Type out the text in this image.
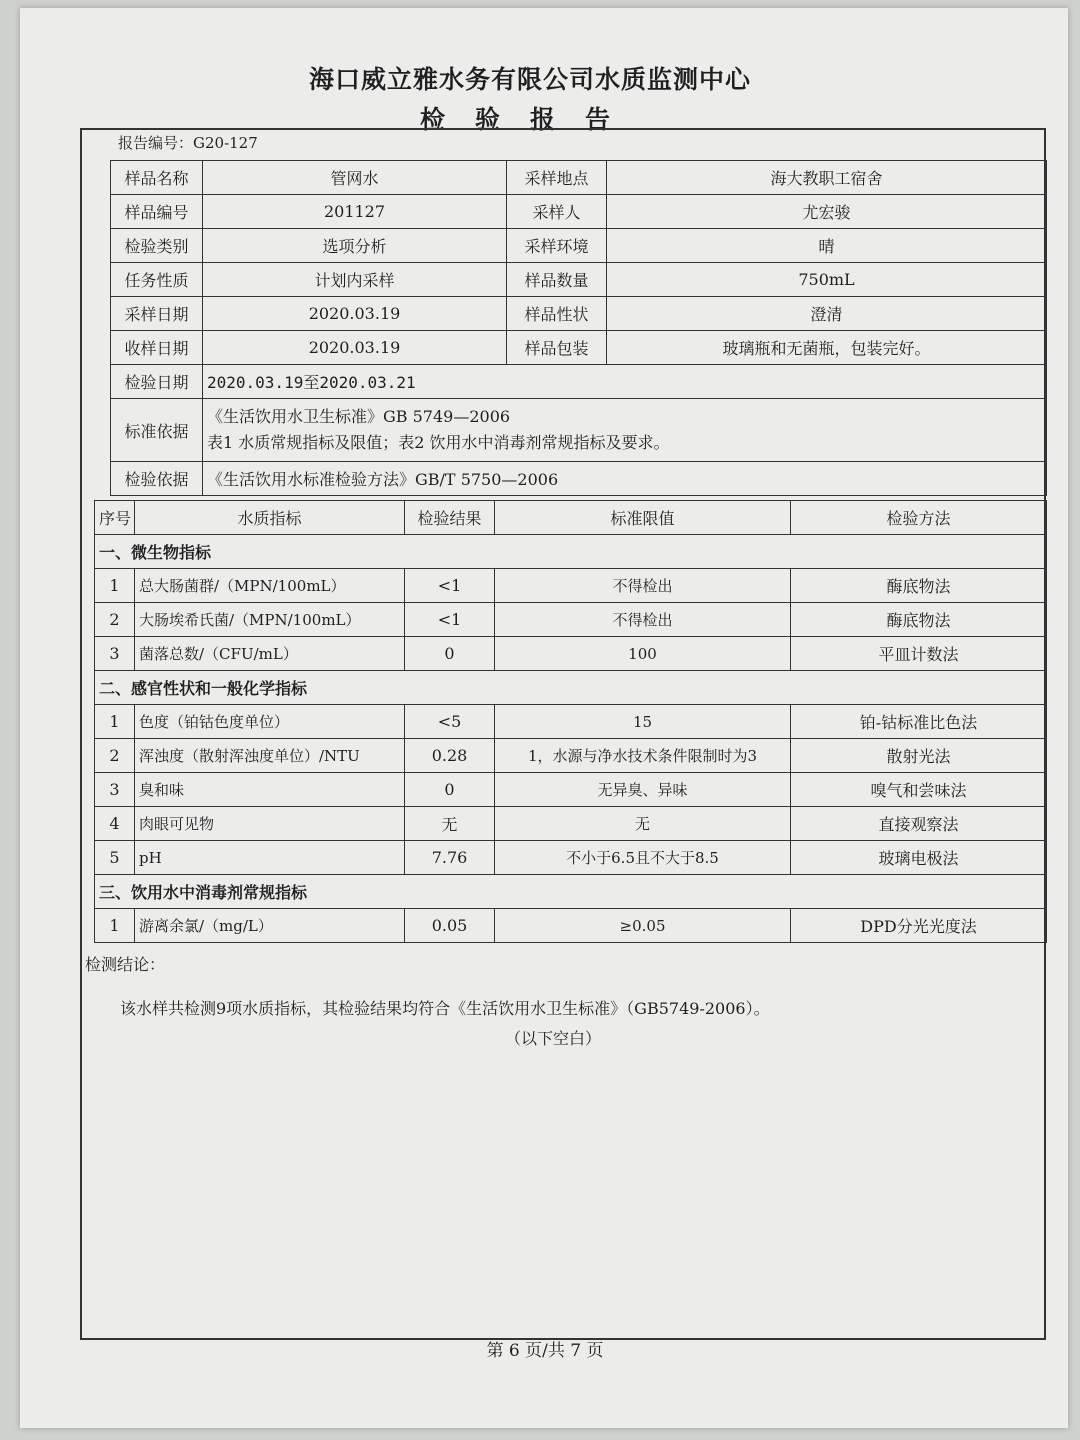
海口威立雅水务有限公司水质监测中心
检验报告
报告编号：G20-127
样品名称	管网水	采样地点	海大教职工宿舍
样品编号	201127	采样人	尤宏骏
检验类别	选项分析	采样环境	晴
任务性质	计划内采样	样品数量	750mL
采样日期	2020.03.19	样品性状	澄清
收样日期	2020.03.19	样品包装	玻璃瓶和无菌瓶，包装完好。
检验日期	2020.03.19至2020.03.21		
标准依据	《生活饮用水卫生标准》GB 5749—2006
表1 水质常规指标及限值；表2 饮用水中消毒剂常规指标及要求。		

检验依据	《生活饮用水标准检验方法》GB/T 5750—2006		
序号	水质指标	检验结果	标准限值	检验方法
一、微生物指标				
1	总大肠菌群/（MPN/100mL）	<1	不得检出	酶底物法
2	大肠埃希氏菌/（MPN/100mL）	<1	不得检出	酶底物法
3	菌落总数/（CFU/mL）	0	100	平皿计数法
二、感官性状和一般化学指标				
1	色度（铂钴色度单位）	<5	15	铂-钴标准比色法
2	浑浊度（散射浑浊度单位）/NTU	0.28	1，水源与净水技术条件限制时为3	散射光法
3	臭和味	0	无异臭、异味	嗅气和尝味法
4	肉眼可见物	无	无	直接观察法
5	pH	7.76	不小于6.5且不大于8.5	玻璃电极法
三、饮用水中消毒剂常规指标				
1	游离余氯/（mg/L）	0.05	≥0.05	DPD分光光度法
检测结论：
该水样共检测9项水质指标，其检验结果均符合《生活饮用水卫生标准》（GB5749-2006）。
（以下空白）
第 6 页/共 7 页
